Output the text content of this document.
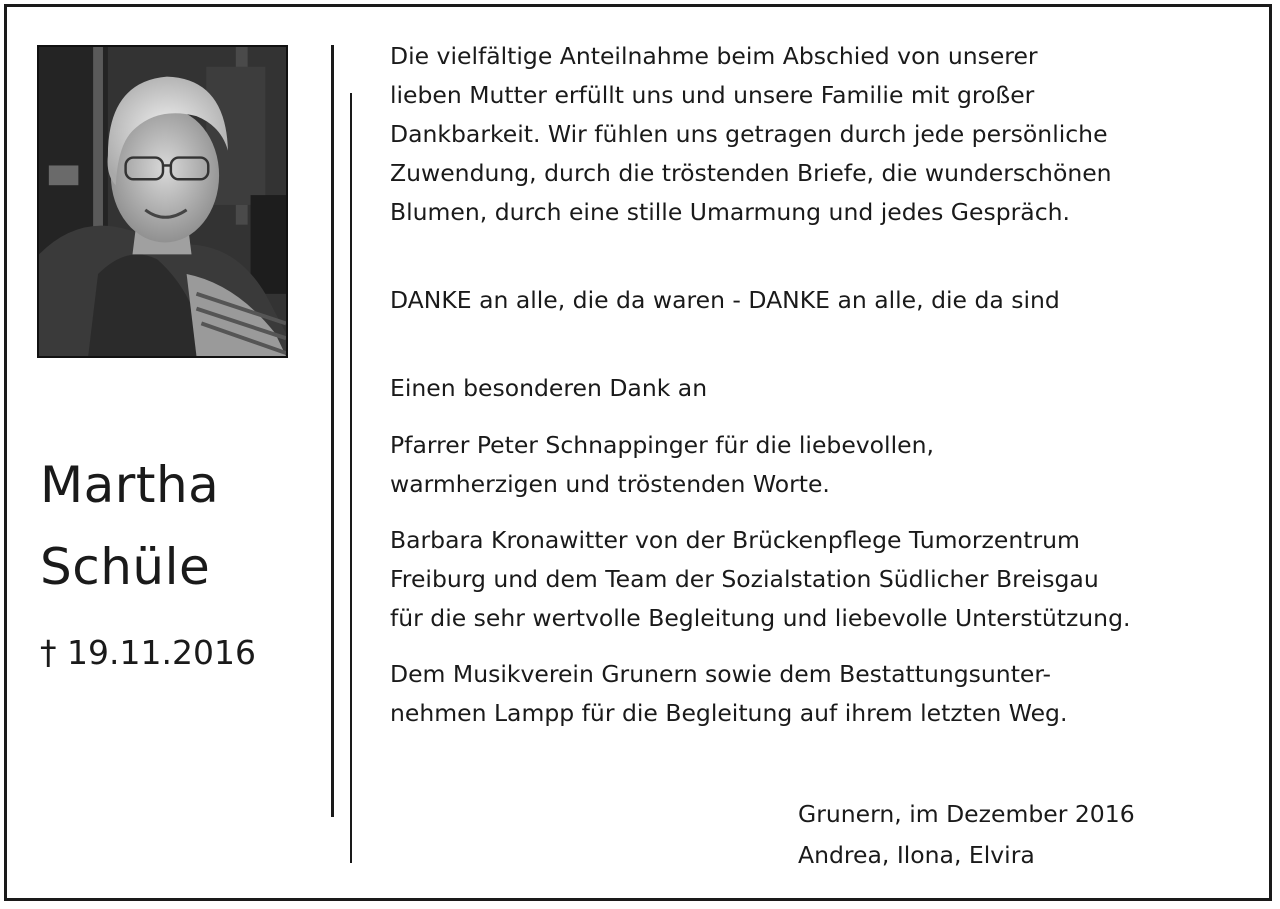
Martha
Schüle
† 19.11.2016
Die vielfältige Anteilnahme beim Abschied von unserer
lieben Mutter erfüllt uns und unsere Familie mit großer
Dankbarkeit. Wir fühlen uns getragen durch jede persönliche
Zuwendung, durch die tröstenden Briefe, die wunderschönen
Blumen, durch eine stille Umarmung und jedes Gespräch.
DANKE an alle, die da waren - DANKE an alle, die da sind
Einen besonderen Dank an
Pfarrer Peter Schnappinger für die liebevollen,
warmherzigen und tröstenden Worte.
Barbara Kronawitter von der Brückenpflege Tumorzentrum
Freiburg und dem Team der Sozialstation Südlicher Breisgau
für die sehr wertvolle Begleitung und liebevolle Unterstützung.
Dem Musikverein Grunern sowie dem Bestattungsunter-
nehmen Lampp für die Begleitung auf ihrem letzten Weg.
Grunern, im Dezember 2016
Andrea, Ilona, Elvira
